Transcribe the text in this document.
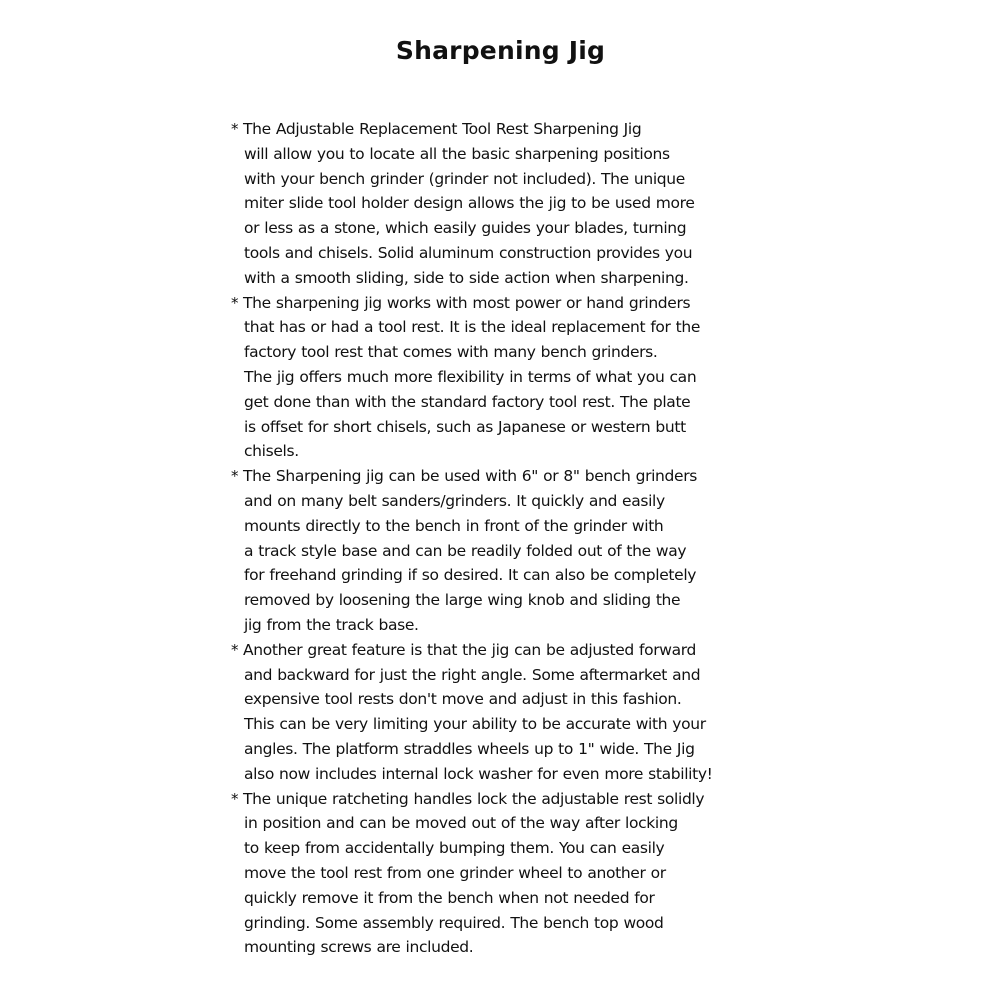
Sharpening Jig
* The Adjustable Replacement Tool Rest Sharpening Jig
will allow you to locate all the basic sharpening positions
with your bench grinder (grinder not included). The unique
miter slide tool holder design allows the jig to be used more
or less as a stone, which easily guides your blades, turning
tools and chisels. Solid aluminum construction provides you
with a smooth sliding, side to side action when sharpening.
* The sharpening jig works with most power or hand grinders
that has or had a tool rest. It is the ideal replacement for the
factory tool rest that comes with many bench grinders.
The jig offers much more flexibility in terms of what you can
get done than with the standard factory tool rest. The plate
is offset for short chisels, such as Japanese or western butt
chisels.
* The Sharpening jig can be used with 6" or 8" bench grinders
and on many belt sanders/grinders. It quickly and easily
mounts directly to the bench in front of the grinder with
a track style base and can be readily folded out of the way
for freehand grinding if so desired. It can also be completely
removed by loosening the large wing knob and sliding the
jig from the track base.
* Another great feature is that the jig can be adjusted forward
and backward for just the right angle. Some aftermarket and
expensive tool rests don't move and adjust in this fashion.
This can be very limiting your ability to be accurate with your
angles. The platform straddles wheels up to 1" wide. The Jig
also now includes internal lock washer for even more stability!
* The unique ratcheting handles lock the adjustable rest solidly
in position and can be moved out of the way after locking
to keep from accidentally bumping them. You can easily
move the tool rest from one grinder wheel to another or
quickly remove it from the bench when not needed for
grinding. Some assembly required. The bench top wood
mounting screws are included.
